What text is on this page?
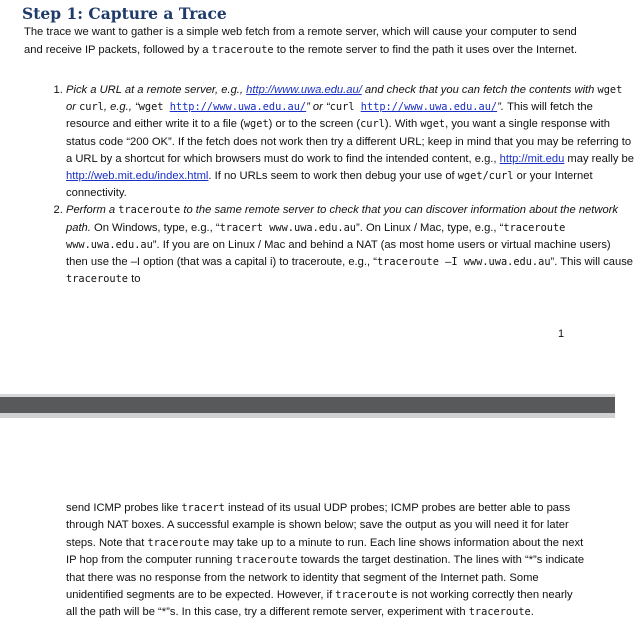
Step 1: Capture a Trace

The trace we want to gather is a simple web fetch from a remote server, which will cause your computer to send and receive IP packets, followed by a traceroute to the remote server to find the path it uses over the Internet.

1. Pick a URL at a remote server, e.g., http://www.uwa.edu.au/ and check that you can fetch the contents with wget or curl, e.g., “wget http://www.uwa.edu.au/” or “curl http://www.uwa.edu.au/”. This will fetch the resource and either write it to a file (wget) or to the screen (curl). With wget, you want a single response with status code “200 OK”. If the fetch does not work then try a different URL; keep in mind that you may be referring to a URL by a shortcut for which browsers must do work to find the intended content, e.g., http://mit.edu may really be http://web.mit.edu/index.html. If no URLs seem to work then debug your use of wget/curl or your Internet connectivity.
2. Perform a traceroute to the same remote server to check that you can discover information about the network path. On Windows, type, e.g., “tracert www.uwa.edu.au”. On Linux / Mac, type, e.g., “traceroute www.uwa.edu.au”. If you are on Linux / Mac and behind a NAT (as most home users or virtual machine users) then use the –I option (that was a capital i) to traceroute, e.g., “traceroute –I www.uwa.edu.au”. This will cause traceroute to
1

send ICMP probes like tracert instead of its usual UDP probes; ICMP probes are better able to pass through NAT boxes. A successful example is shown below; save the output as you will need it for later steps. Note that traceroute may take up to a minute to run. Each line shows information about the next IP hop from the computer running traceroute towards the target destination. The lines with “*”s indicate that there was no response from the network to identity that segment of the Internet path. Some unidentified segments are to be expected. However, if traceroute is not working correctly then nearly all the path will be “*”s. In this case, try a different remote server, experiment with traceroute.
